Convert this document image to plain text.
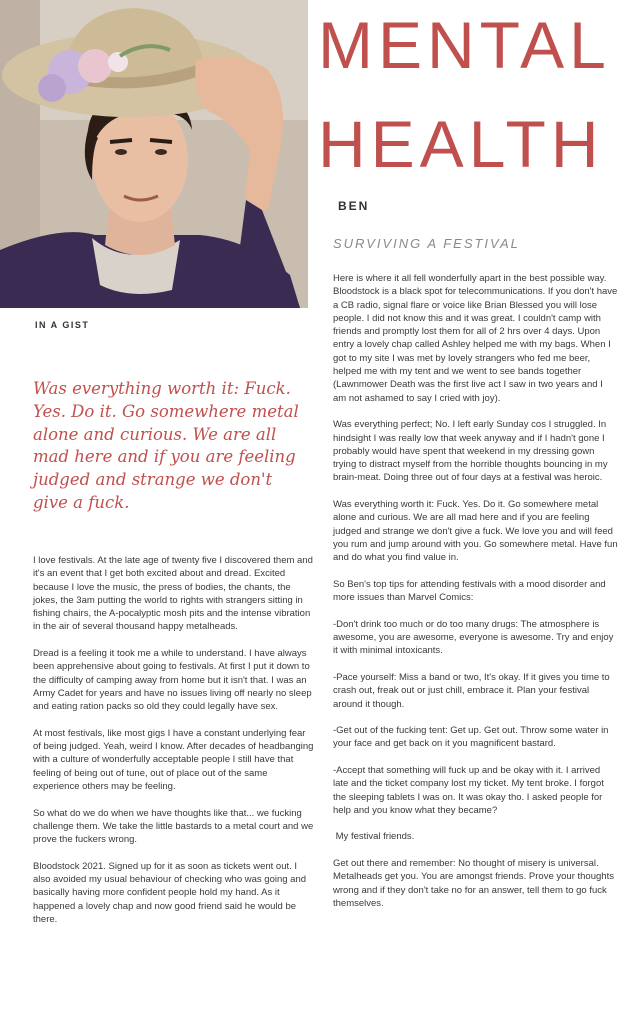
MENTAL
HEALTH
BEN
SURVIVING A FESTIVAL
IN A GIST
Was everything worth it: Fuck. Yes. Do it. Go somewhere metal alone and curious. We are all mad here and if you are feeling judged and strange we don't give a fuck.

I love festivals. At the late age of twenty five I discovered them and it's an event that I get both excited about and dread. Excited because I love the music, the press of bodies, the chants, the jokes, the 3am putting the world to rights with strangers sitting in fishing chairs, the A-pocalyptic mosh pits and the intense vibration in the air of several thousand happy metalheads.

Dread is a feeling it took me a while to understand. I have always been apprehensive about going to festivals. At first I put it down to the difficulty of camping away from home but it isn't that. I was an Army Cadet for years and have no issues living off nearly no sleep and eating ration packs so old they could legally have sex.

At most festivals, like most gigs I have a constant underlying fear of being judged. Yeah, weird I know. After decades of headbanging with a culture of wonderfully acceptable people I still have that feeling of being out of tune, out of place out of the same experience others may be feeling.

So what do we do when we have thoughts like that... we fucking challenge them. We take the little bastards to a metal court and we prove the fuckers wrong.

Bloodstock 2021. Signed up for it as soon as tickets went out. I also avoided my usual behaviour of checking who was going and basically having more confident people hold my hand. As it happened a lovely chap and now good friend said he would be there.

Here is where it all fell wonderfully apart in the best possible way. Bloodstock is a black spot for telecommunications. If you don't have a CB radio, signal flare or voice like Brian Blessed you will lose people. I did not know this and it was great. I couldn't camp with friends and promptly lost them for all of 2 hrs over 4 days. Upon entry a lovely chap called Ashley helped me with my bags. When I got to my site I was met by lovely strangers who fed me beer, helped me with my tent and we went to see bands together (Lawnmower Death was the first live act I saw in two years and I am not ashamed to say I cried with joy).

Was everything perfect; No. I left early Sunday cos I struggled. In hindsight I was really low that week anyway and if I hadn't gone I probably would have spent that weekend in my dressing gown trying to distract myself from the horrible thoughts bouncing in my brain-meat. Doing three out of four days at a festival was heroic.

Was everything worth it: Fuck. Yes. Do it. Go somewhere metal alone and curious. We are all mad here and if you are feeling judged and strange we don't give a fuck. We love you and will feed you rum and jump around with you. Go somewhere metal. Have fun and do what you find value in.

So Ben's top tips for attending festivals with a mood disorder and more issues than Marvel Comics:

-Don't drink too much or do too many drugs: The atmosphere is awesome, you are awesome, everyone is awesome. Try and enjoy it with minimal intoxicants.

-Pace yourself: Miss a band or two, It's okay. If it gives you time to crash out, freak out or just chill, embrace it. Plan your festival around it though.

-Get out of the fucking tent: Get up. Get out. Throw some water in your face and get back on it you magnificent bastard.

-Accept that something will fuck up and be okay with it. I arrived late and the ticket company lost my ticket. My tent broke. I forgot the sleeping tablets I was on. It was okay tho. I asked people for help and you know what they became?

My festival friends.

Get out there and remember: No thought of misery is universal. Metalheads get you. You are amongst friends. Prove your thoughts wrong and if they don't take no for an answer, tell them to go fuck themselves.
